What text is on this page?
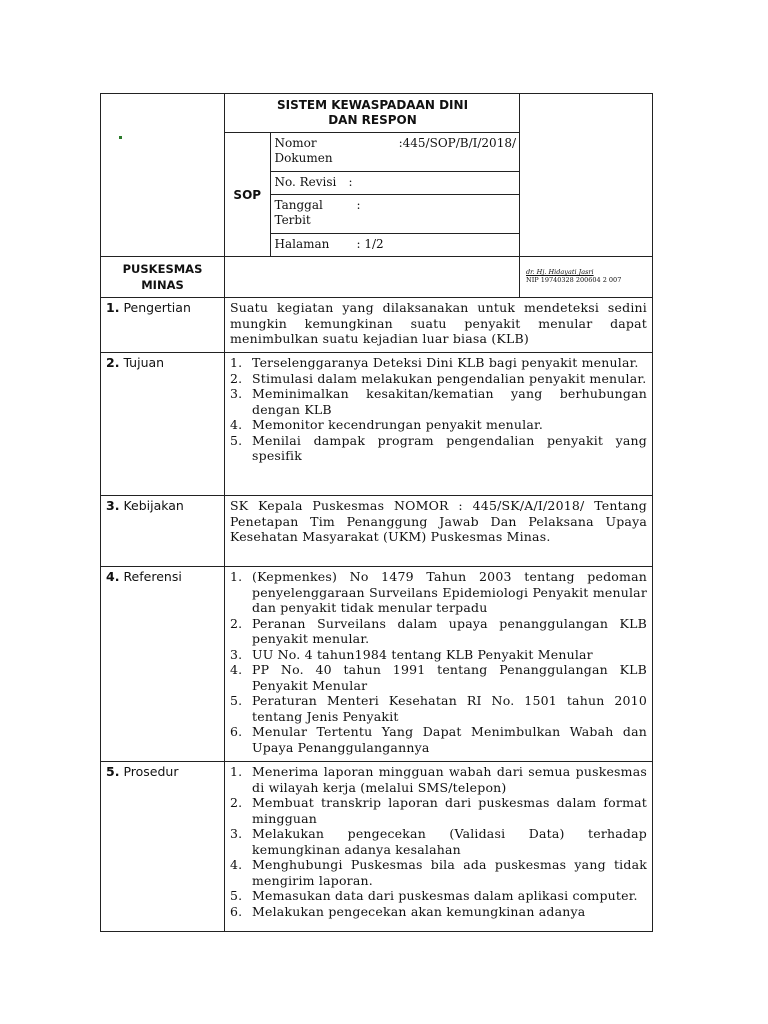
SISTEM KEWASPADAAN DINI
DAN RESPON

SOP	
Nomor	:445/SOP/B/I/2018/
Dokumen

No. Revisi :

Tanggal	:
Terbit

Halaman : 1/2

PUSKESMAS
MINAS

dr. Hj. Hidayati Jasri
NIP 19740328 200604 2 007

1. Pengertian	Suatu kegiatan yang dilaksanakan untuk mendeteksi sedini mungkin kemungkinan suatu penyakit menular dapat menimbulkan suatu kejadian luar biasa (KLB)
2. Tujuan	1. Terselenggaranya Deteksi Dini KLB bagi penyakit menular.
2. Stimulasi dalam melakukan pengendalian penyakit menular.
3. Meminimalkan kesakitan/kematian yang berhubungan dengan KLB
4. Memonitor kecendrungan penyakit menular.
5. Menilai dampak program pengendalian penyakit yang spesifik

3. Kebijakan	SK Kepala Puskesmas NOMOR : 445/SK/A/I/2018/ Tentang Penetapan Tim Penanggung Jawab Dan Pelaksana Upaya Kesehatan Masyarakat (UKM) Puskesmas Minas.
4. Referensi	1. (Kepmenkes) No 1479 Tahun 2003 tentang pedoman penyelenggaraan Surveilans Epidemiologi Penyakit menular dan penyakit tidak menular terpadu
2. Peranan Surveilans dalam upaya penanggulangan KLB penyakit menular.
3. UU No. 4 tahun1984 tentang KLB Penyakit Menular
4. PP No. 40 tahun 1991 tentang Penanggulangan KLB Penyakit Menular
5. Peraturan Menteri Kesehatan RI No. 1501 tahun 2010 tentang Jenis Penyakit
6. Menular Tertentu Yang Dapat Menimbulkan Wabah dan Upaya Penanggulangannya

5. Prosedur	1. Menerima laporan mingguan wabah dari semua puskesmas di wilayah kerja (melalui SMS/telepon)
2. Membuat transkrip laporan dari puskesmas dalam format mingguan
3. Melakukan pengecekan (Validasi Data) terhadap kemungkinan adanya kesalahan
4. Menghubungi Puskesmas bila ada puskesmas yang tidak mengirim laporan.
5. Memasukan data dari puskesmas dalam aplikasi computer.
6. Melakukan pengecekan akan kemungkinan adanya
